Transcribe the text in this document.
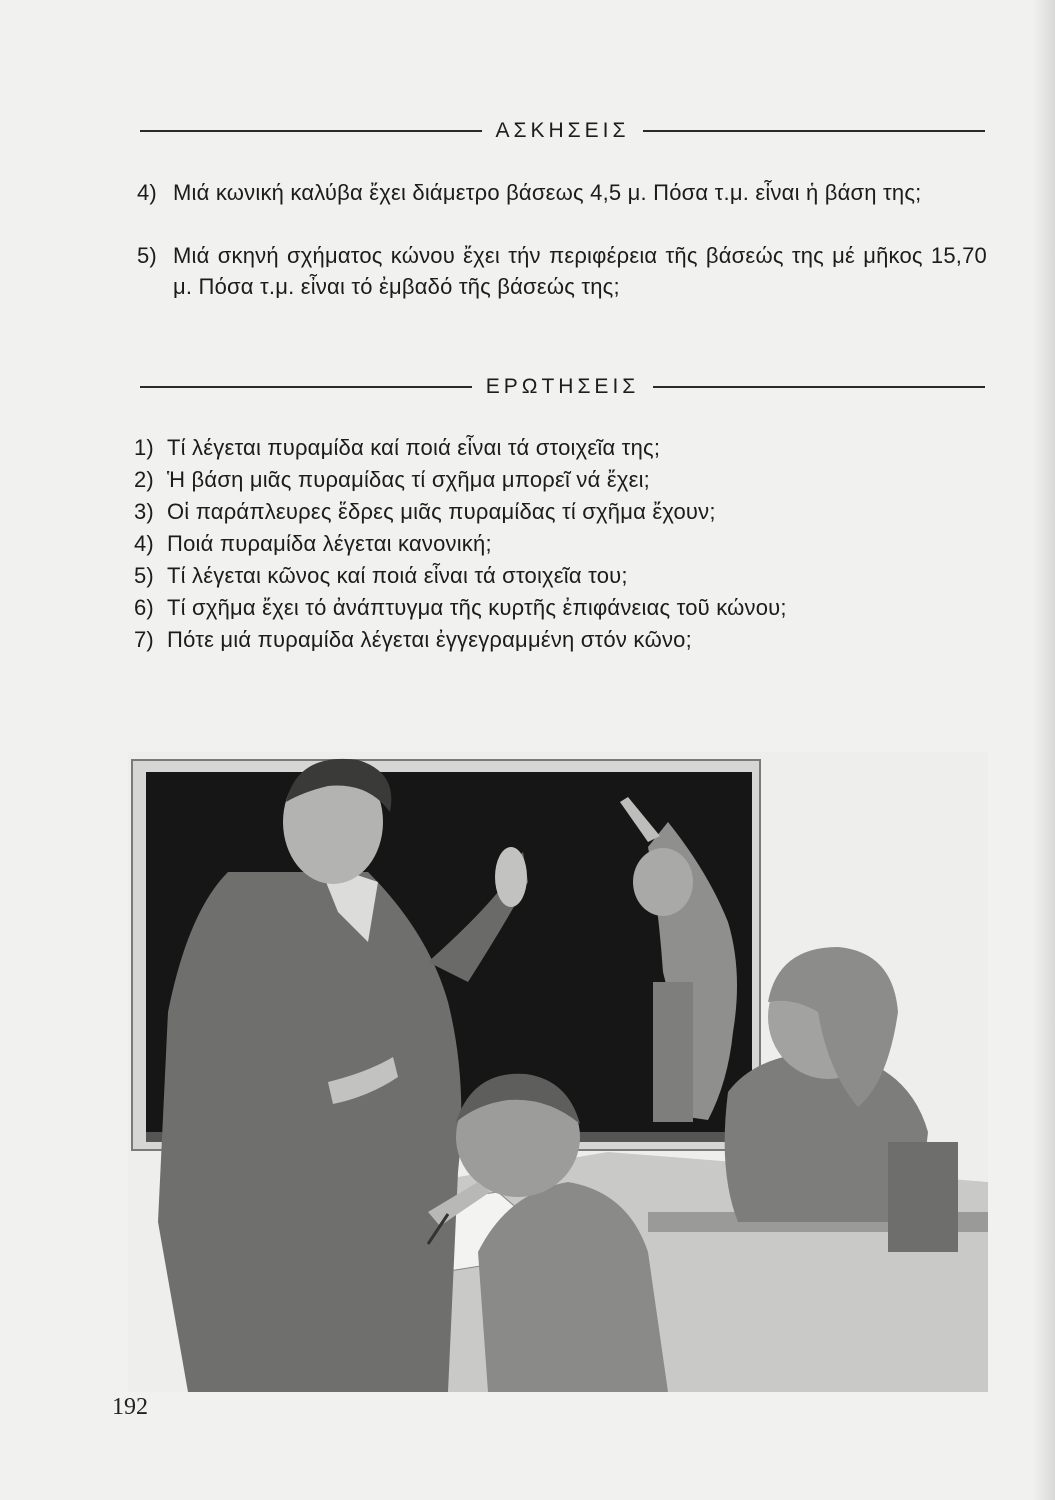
ΑΣΚΗΣΕΙΣ
4) Μιά κωνική καλύβα ἔχει διάμετρο βάσεως 4,5 μ. Πόσα τ.μ. εἶναι ἡ βάση της;
5) Μιά σκηνή σχήματος κώνου ἔχει τήν περιφέρεια τῆς βάσεώς της μέ μῆκος 15,70 μ. Πόσα τ.μ. εἶναι τό ἐμβαδό τῆς βάσεώς της;
ΕΡΩΤΗΣΕΙΣ
1) Τί λέγεται πυραμίδα καί ποιά εἶναι τά στοιχεῖα της;
2) Ἡ βάση μιᾶς πυραμίδας τί σχῆμα μπορεῖ νά ἔχει;
3) Οἱ παράπλευρες ἕδρες μιᾶς πυραμίδας τί σχῆμα ἔχουν;
4) Ποιά πυραμίδα λέγεται κανονική;
5) Τί λέγεται κῶνος καί ποιά εἶναι τά στοιχεῖα του;
6) Τί σχῆμα ἔχει τό ἀνάπτυγμα τῆς κυρτῆς ἐπιφάνειας τοῦ κώνου;
7) Πότε μιά πυραμίδα λέγεται ἐγγεγραμμένη στόν κῶνο;
192
